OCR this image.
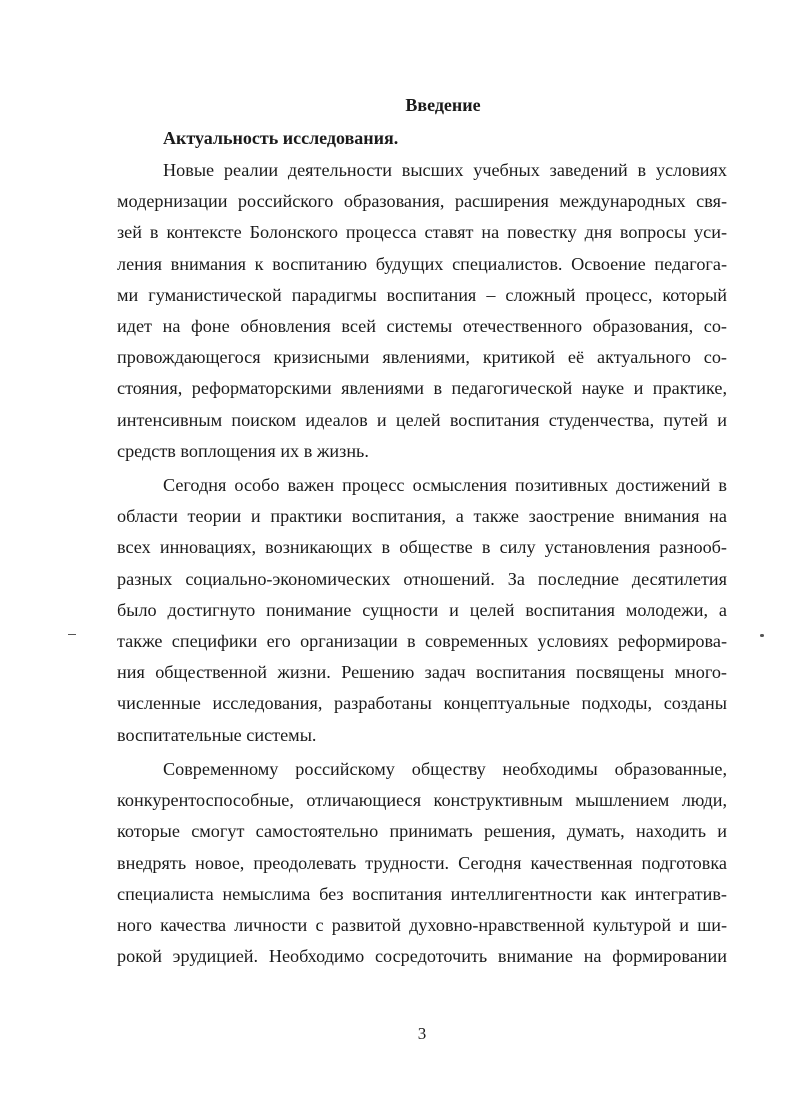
Введение
Актуальность исследования.
Новые реалии деятельности высших учебных заведений в условиях
модернизации российского образования, расширения международных свя-
зей в контексте Болонского процесса ставят на повестку дня вопросы уси-
ления внимания к воспитанию будущих специалистов. Освоение педагога-
ми гуманистической парадигмы воспитания – сложный процесс, который
идет на фоне обновления всей системы отечественного образования, со-
провождающегося кризисными явлениями, критикой её актуального со-
стояния, реформаторскими явлениями в педагогической науке и практике,
интенсивным поиском идеалов и целей воспитания студенчества, путей и
средств воплощения их в жизнь.
Сегодня особо важен процесс осмысления позитивных достижений в
области теории и практики воспитания, а также заострение внимания на
всех инновациях, возникающих в обществе в силу установления разнооб-
разных социально-экономических отношений. За последние десятилетия
было достигнуто понимание сущности и целей воспитания молодежи, а
также специфики его организации в современных условиях реформирова-
ния общественной жизни. Решению задач воспитания посвящены много-
численные исследования, разработаны концептуальные подходы, созданы
воспитательные системы.
Современному российскому обществу необходимы образованные,
конкурентоспособные, отличающиеся конструктивным мышлением люди,
которые смогут самостоятельно принимать решения, думать, находить и
внедрять новое, преодолевать трудности. Сегодня качественная подготовка
специалиста немыслима без воспитания интеллигентности как интегратив-
ного качества личности с развитой духовно-нравственной культурой и ши-
рокой эрудицией. Необходимо сосредоточить внимание на формировании
3
